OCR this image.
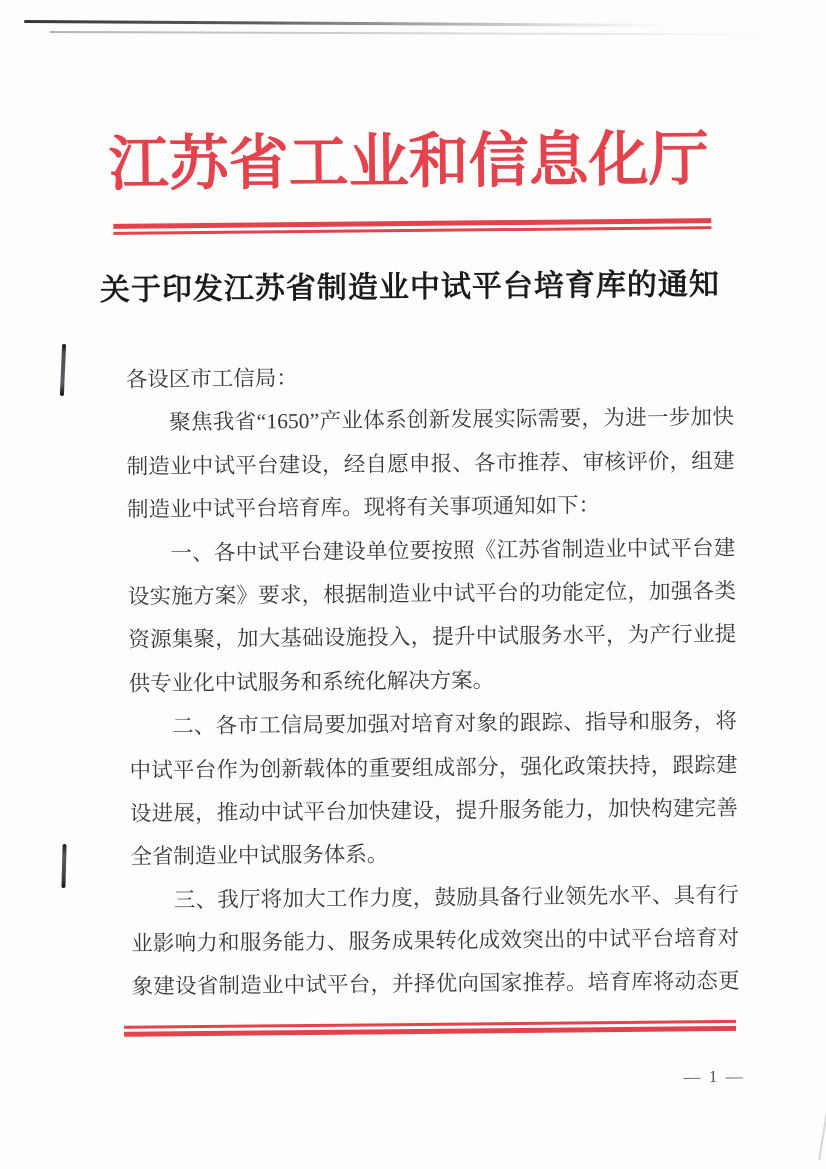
江苏省工业和信息化厅
关于印发江苏省制造业中试平台培育库的通知
各设区市工信局：
聚 焦 我 省 “ 1650 ” 产 业 体 系 创 新 发 展 实 际 需 要 ， 为 进 一 步 加 快
制 造 业 中 试 平 台 建 设 ， 经 自 愿 申 报 、 各 市 推 荐 、 审 核 评 价 ， 组 建
制造业中试平台培育库。现将有关事项通知如下：
一 、 各 中 试 平 台 建 设 单 位 要 按 照 《 江 苏 省 制 造 业 中 试 平 台 建
设 实 施 方 案 》 要 求 ， 根 据 制 造 业 中 试 平 台 的 功 能 定 位 ， 加 强 各 类
资 源 集 聚 ， 加 大 基 础 设 施 投 入 ， 提 升 中 试 服 务 水 平 ， 为 产 行 业 提
供专业化中试服务和系统化解决方案。
二 、 各 市 工 信 局 要 加 强 对 培 育 对 象 的 跟 踪 、 指 导 和 服 务 ， 将
中 试 平 台 作 为 创 新 载 体 的 重 要 组 成 部 分 ， 强 化 政 策 扶 持 ， 跟 踪 建
设 进 展 ， 推 动 中 试 平 台 加 快 建 设 ， 提 升 服 务 能 力 ， 加 快 构 建 完 善
全省制造业中试服务体系。
三 、 我 厅 将 加 大 工 作 力 度 ， 鼓 励 具 备 行 业 领 先 水 平 、 具 有 行
业 影 响 力 和 服 务 能 力 、 服 务 成 果 转 化 成 效 突 出 的 中 试 平 台 培 育 对
象 建 设 省 制 造 业 中 试 平 台 ， 并 择 优 向 国 家 推 荐 。 培 育 库 将 动 态 更
— 1 —
